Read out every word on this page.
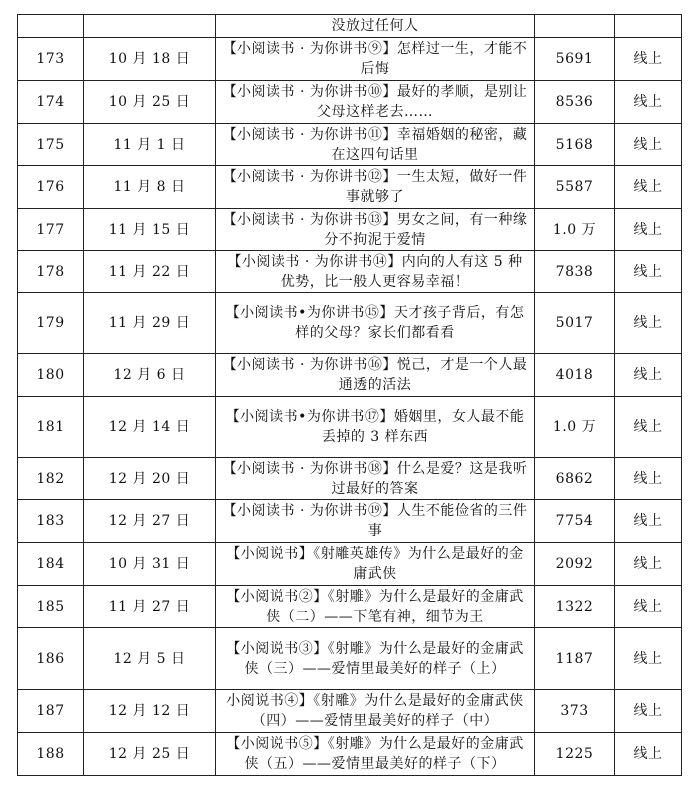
		没放过任何人		
173	10 月 18 日	【小阅读书 · 为你讲书⑨】怎样过一生，才能不后悔	5691	线上
174	10 月 25 日	【小阅读书 · 为你讲书⑩】最好的孝顺，是别让父母这样老去……	8536	线上
175	11 月 1 日	【小阅读书 · 为你讲书⑪】幸福婚姻的秘密，藏在这四句话里	5168	线上
176	11 月 8 日	【小阅读书 · 为你讲书⑫】一生太短，做好一件事就够了	5587	线上
177	11 月 15 日	【小阅读书 · 为你讲书⑬】男女之间，有一种缘分不拘泥于爱情	1.0 万	线上
178	11 月 22 日	【小阅读书 · 为你讲书⑭】内向的人有这 5 种优势，比一般人更容易幸福！	7838	线上
179	11 月 29 日	【小阅读书•为你讲书⑮】天才孩子背后，有怎样的父母？家长们都看看	5017	线上
180	12 月 6 日	【小阅读书 · 为你讲书⑯】悦己，才是一个人最通透的活法	4018	线上
181	12 月 14 日	【小阅读书•为你讲书⑰】婚姻里，女人最不能丢掉的 3 样东西	1.0 万	线上
182	12 月 20 日	【小阅读书 · 为你讲书⑱】什么是爱？这是我听过最好的答案	6862	线上
183	12 月 27 日	【小阅读书 · 为你讲书⑲】人生不能俭省的三件事	7754	线上
184	10 月 31 日	【小阅说书】《射雕英雄传》为什么是最好的金庸武侠	2092	线上
185	11 月 27 日	【小阅说书②】《射雕》为什么是最好的金庸武侠（二）——下笔有神，细节为王	1322	线上
186	12 月 5 日	【小阅说书③】《射雕》为什么是最好的金庸武侠（三）——爱情里最美好的样子（上）	1187	线上
187	12 月 12 日	小阅说书④】《射雕》为什么是最好的金庸武侠（四）——爱情里最美好的样子（中）	373	线上
188	12 月 25 日	【小阅说书⑤】《射雕》为什么是最好的金庸武侠（五）——爱情里最美好的样子（下）	1225	线上
